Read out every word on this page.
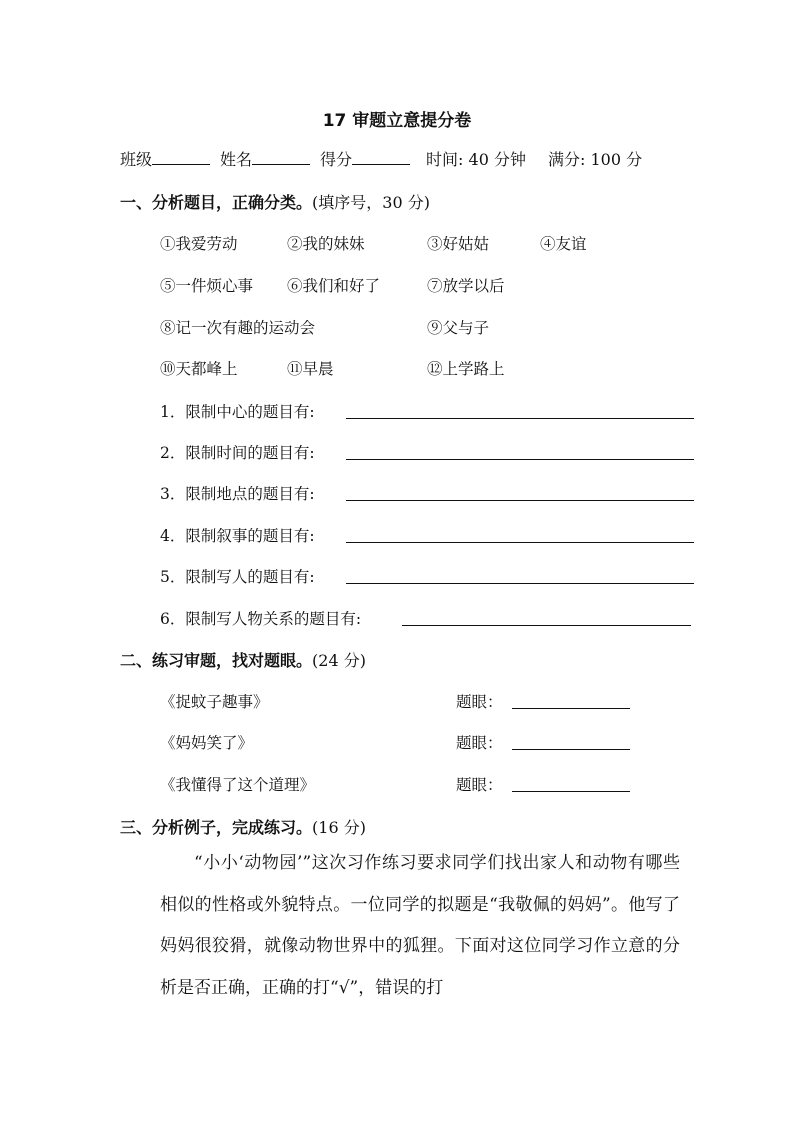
17 审题立意提分卷
班级	姓名	得分	时间: 40 分钟 满分: 100 分
一、分析题目，正确分类。(填序号，30 分)
①我爱劳动	②我的妹妹	③好姑姑	④友谊
⑤一件烦心事 ⑥我们和好了	⑦放学以后
⑧记一次有趣的运动会	⑨父与子
⑩天都峰上	⑪早晨	⑫上学路上
1．限制中心的题目有:
2．限制时间的题目有:
3．限制地点的题目有:
4．限制叙事的题目有:
5．限制写人的题目有:
6．限制写人物关系的题目有:
二、练习审题，找对题眼。(24 分)
《捉蚊子趣事》	题眼：
《妈妈笑了》	题眼：
《我懂得了这个道理》	题眼：
三、分析例子，完成练习。(16 分)
“小小‘动物园’”这次习作练习要求同学们找出家人和动物有哪些相似的性格或外貌特点。一位同学的拟题是“我敬佩的妈妈”。他写了妈妈很狡猾，就像动物世界中的狐狸。下面对这位同学习作立意的分析是否正确，正确的打“√”，错误的打
